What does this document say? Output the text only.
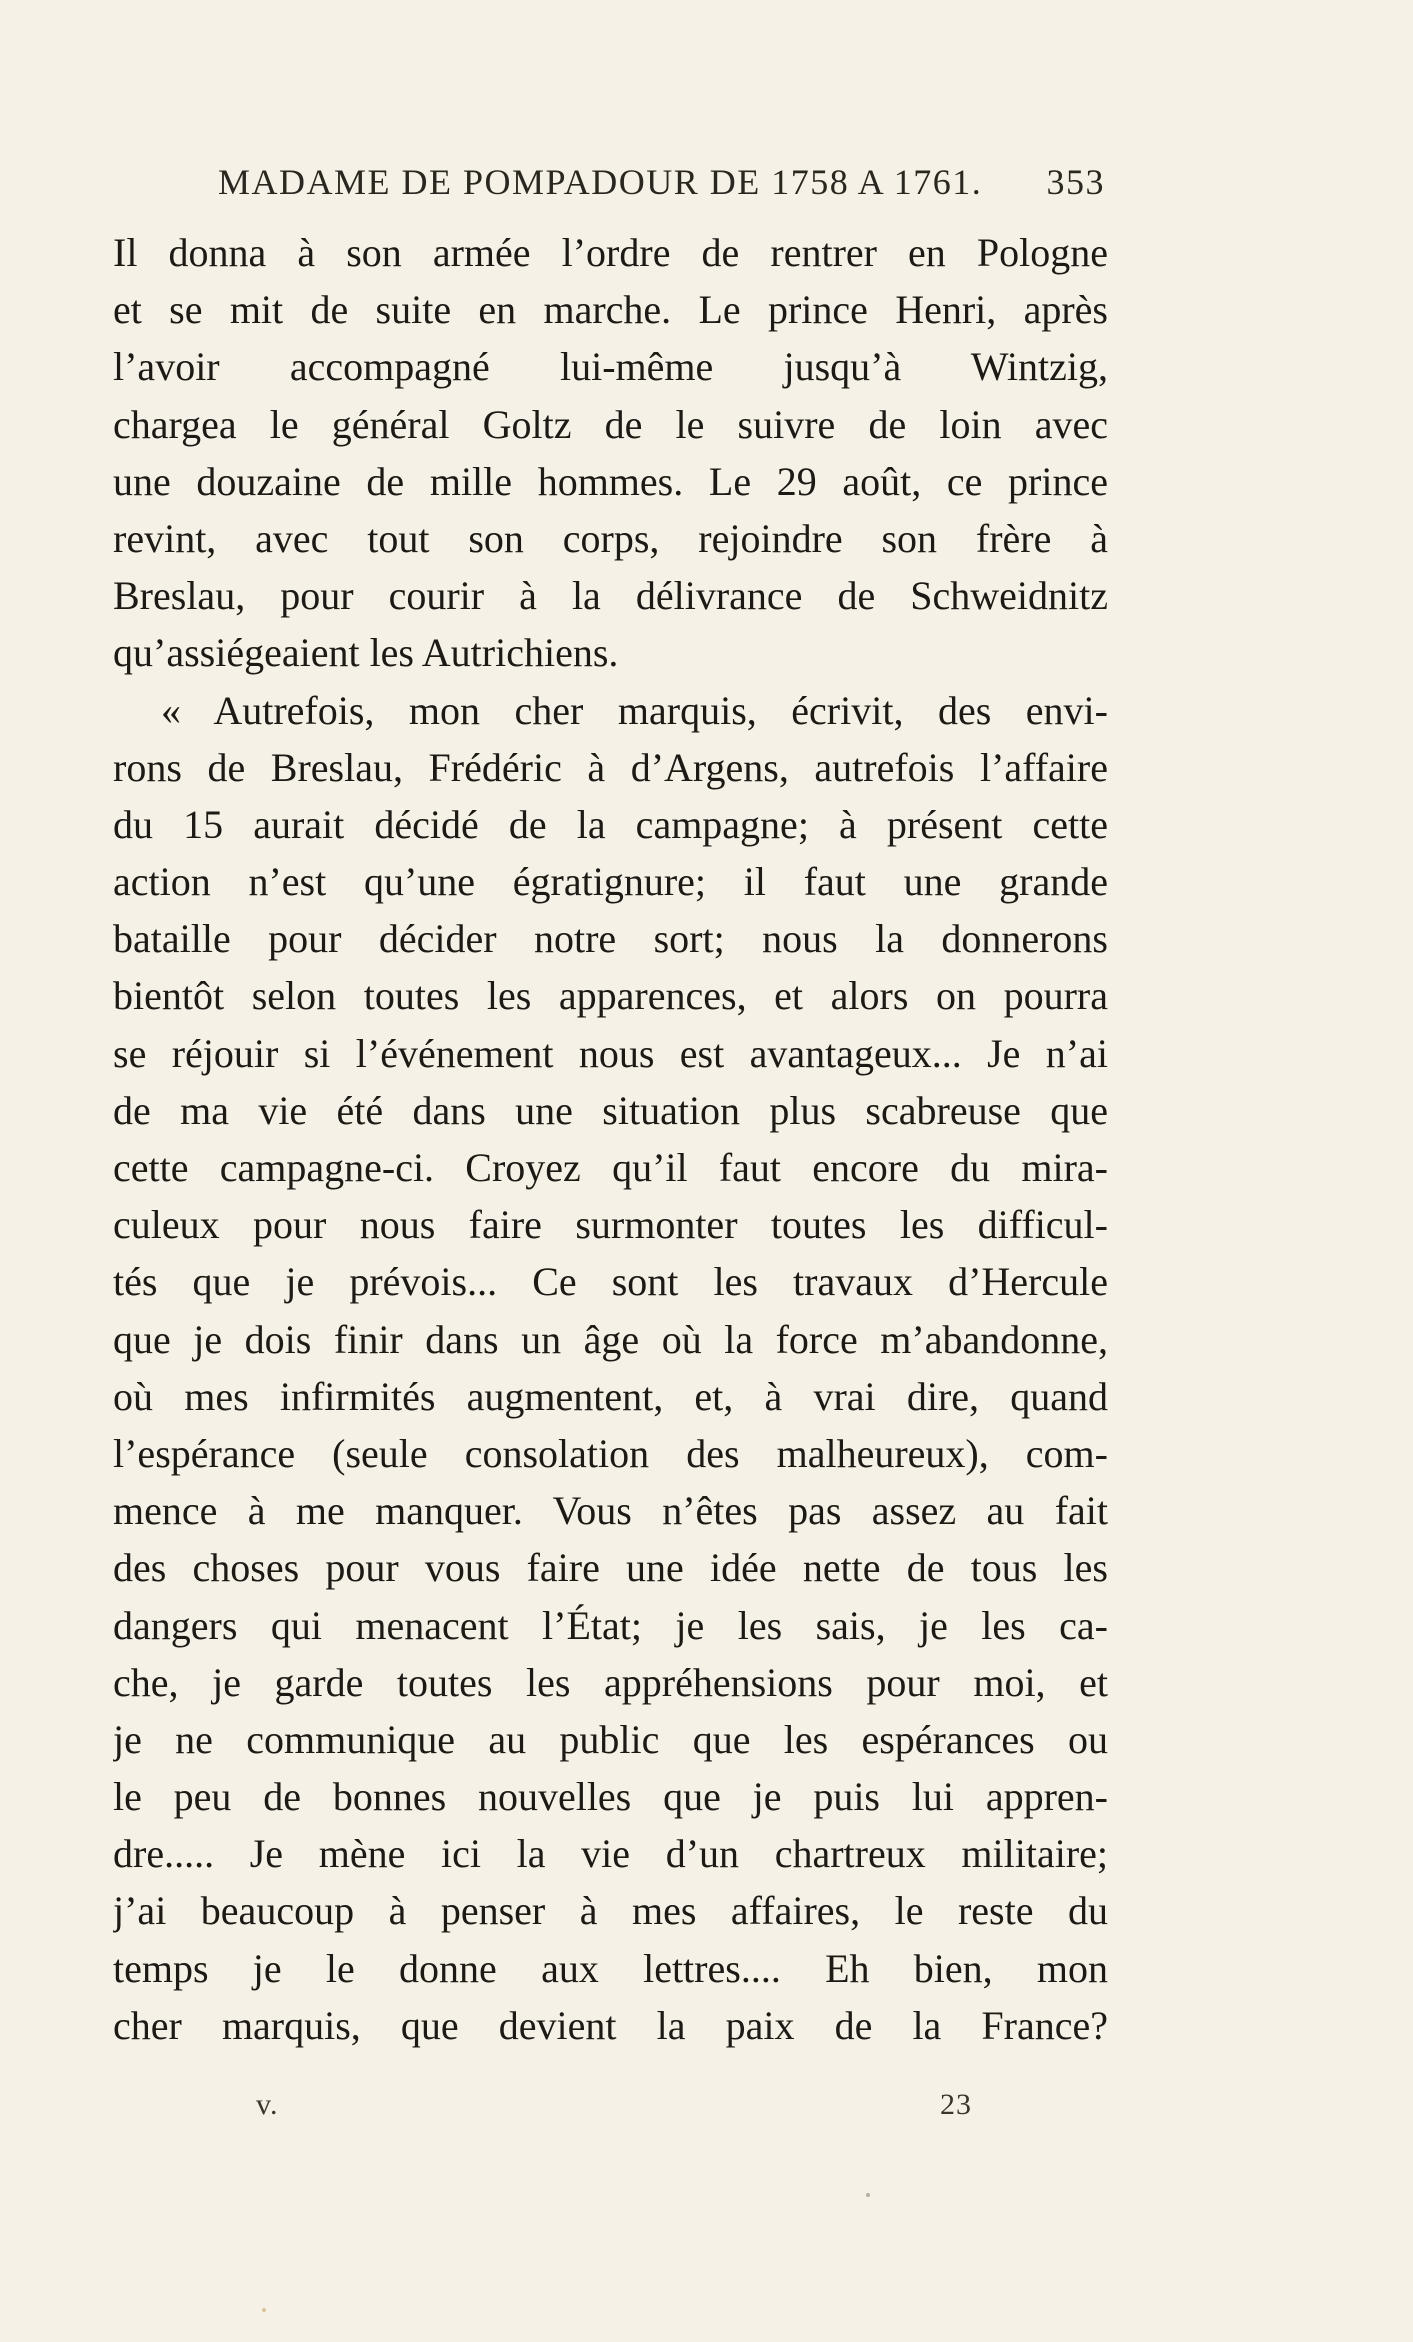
MADAME DE POMPADOUR DE 1758 A 1761. 353
Il donna à son armée l’ordre de rentrer en Pologne
et se mit de suite en marche. Le prince Henri, après
l’avoir accompagné lui-même jusqu’à Wintzig,
chargea le général Goltz de le suivre de loin avec
une douzaine de mille hommes. Le 29 août, ce prince
revint, avec tout son corps, rejoindre son frère à
Breslau, pour courir à la délivrance de Schweidnitz
qu’assiégeaient les Autrichiens.
« Autrefois, mon cher marquis, écrivit, des envi-
rons de Breslau, Frédéric à d’Argens, autrefois l’affaire
du 15 aurait décidé de la campagne; à présent cette
action n’est qu’une égratignure; il faut une grande
bataille pour décider notre sort; nous la donnerons
bientôt selon toutes les apparences, et alors on pourra
se réjouir si l’événement nous est avantageux... Je n’ai
de ma vie été dans une situation plus scabreuse que
cette campagne-ci. Croyez qu’il faut encore du mira-
culeux pour nous faire surmonter toutes les difficul-
tés que je prévois... Ce sont les travaux d’Hercule
que je dois finir dans un âge où la force m’abandonne,
où mes infirmités augmentent, et, à vrai dire, quand
l’espérance (seule consolation des malheureux), com-
mence à me manquer. Vous n’êtes pas assez au fait
des choses pour vous faire une idée nette de tous les
dangers qui menacent l’État; je les sais, je les ca-
che, je garde toutes les appréhensions pour moi, et
je ne communique au public que les espérances ou
le peu de bonnes nouvelles que je puis lui appren-
dre..... Je mène ici la vie d’un chartreux militaire;
j’ai beaucoup à penser à mes affaires, le reste du
temps je le donne aux lettres.... Eh bien, mon
cher marquis, que devient la paix de la France?
v.	23
